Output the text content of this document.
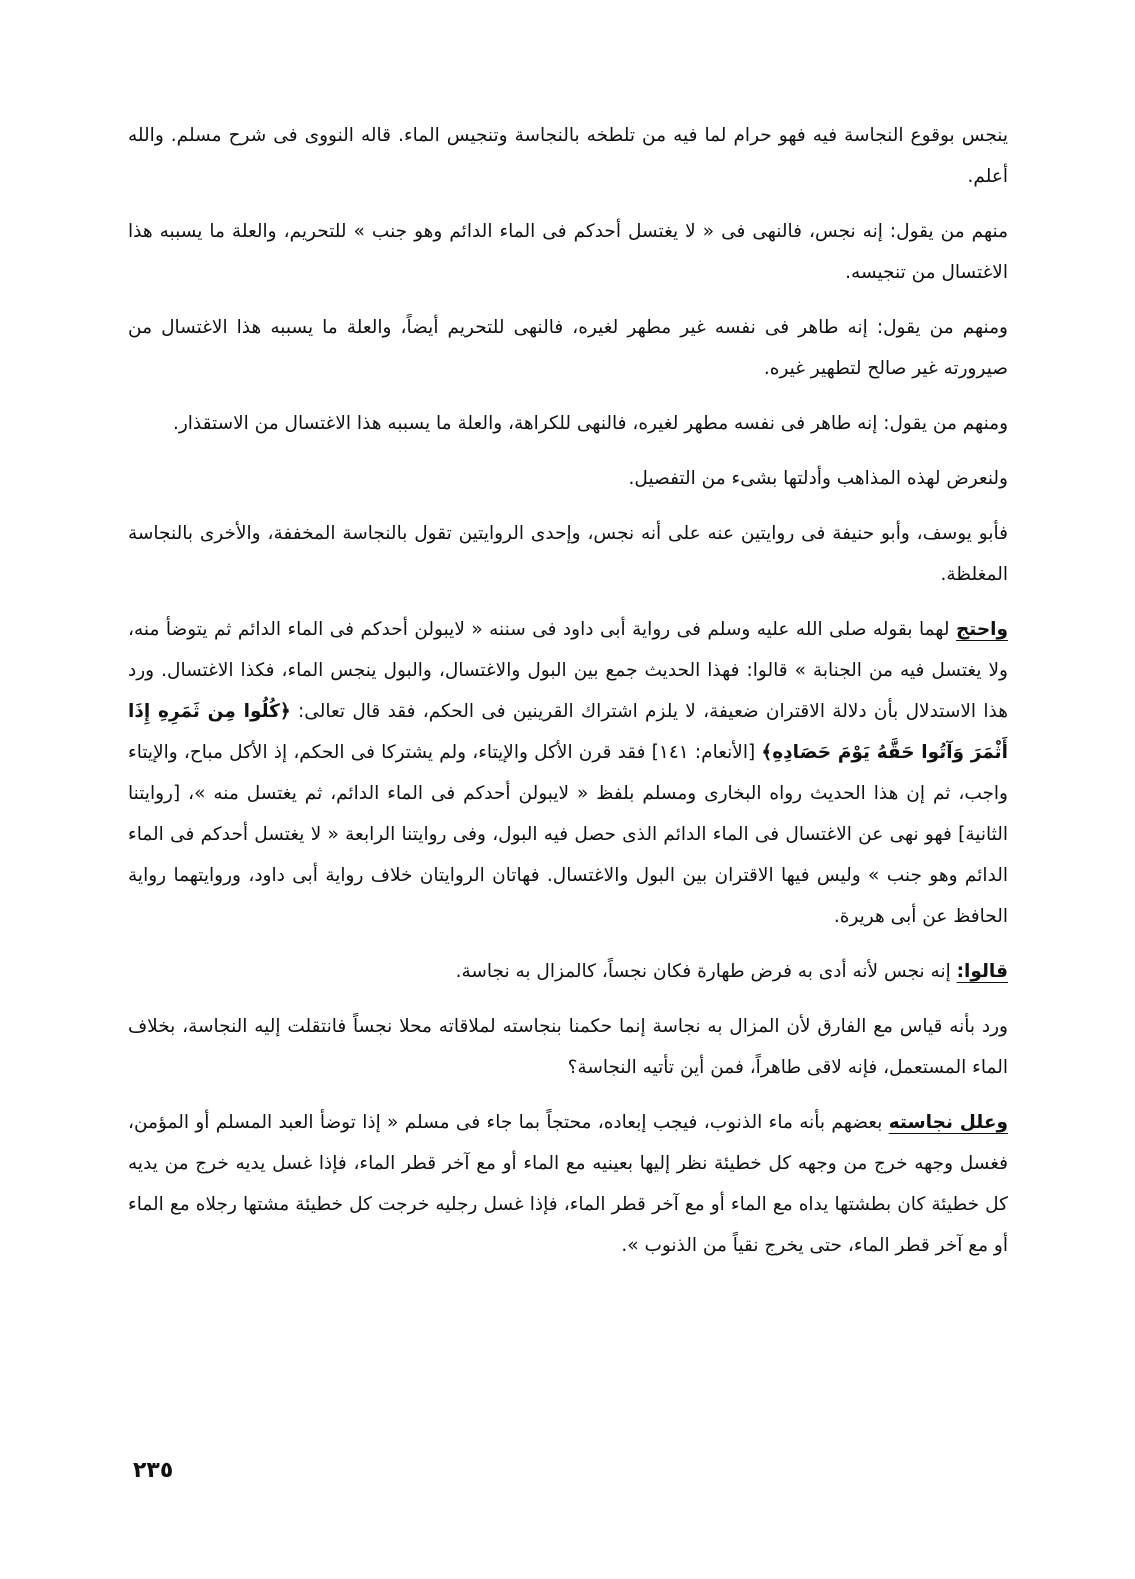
ينجس بوقوع النجاسة فيه فهو حرام لما فيه من تلطخه بالنجاسة وتنجيس الماء. قاله النووى فى شرح مسلم. والله أعلم.

منهم من يقول: إنه نجس، فالنهى فى « لا يغتسل أحدكم فى الماء الدائم وهو جنب » للتحريم، والعلة ما يسببه هذا الاغتسال من تنجيسه.

ومنهم من يقول: إنه طاهر فى نفسه غير مطهر لغيره، فالنهى للتحريم أيضاً، والعلة ما يسببه هذا الاغتسال من صيرورته غير صالح لتطهير غيره.

ومنهم من يقول: إنه طاهر فى نفسه مطهر لغيره، فالنهى للكراهة، والعلة ما يسببه هذا الاغتسال من الاستقذار.

ولنعرض لهذه المذاهب وأدلتها بشىء من التفصيل.

فأبو يوسف، وأبو حنيفة فى روايتين عنه على أنه نجس، وإحدى الروايتين تقول بالنجاسة المخففة، والأخرى بالنجاسة المغلظة.

واحتج لهما بقوله صلى الله عليه وسلم فى رواية أبى داود فى سننه « لايبولن أحدكم فى الماء الدائم ثم يتوضأ منه، ولا يغتسل فيه من الجنابة » قالوا: فهذا الحديث جمع بين البول والاغتسال، والبول ينجس الماء، فكذا الاغتسال. ورد هذا الاستدلال بأن دلالة الاقتران ضعيفة، لا يلزم اشتراك القرينين فى الحكم، فقد قال تعالى: ﴿كُلُوا مِن ثَمَرِهِ إِذَا أَثْمَرَ وَآتُوا حَقَّهُ يَوْمَ حَصَادِهِ﴾ [الأنعام: ١٤١] فقد قرن الأكل والإيتاء، ولم يشتركا فى الحكم، إذ الأكل مباح، والإيتاء واجب، ثم إن هذا الحديث رواه البخارى ومسلم بلفظ « لايبولن أحدكم فى الماء الدائم، ثم يغتسل منه »، [روايتنا الثانية] فهو نهى عن الاغتسال فى الماء الدائم الذى حصل فيه البول، وفى روايتنا الرابعة « لا يغتسل أحدكم فى الماء الدائم وهو جنب » وليس فيها الاقتران بين البول والاغتسال. فهاتان الروايتان خلاف رواية أبى داود، وروايتهما رواية الحافظ عن أبى هريرة.

قالوا: إنه نجس لأنه أدى به فرض طهارة فكان نجساً، كالمزال به نجاسة.

ورد بأنه قياس مع الفارق لأن المزال به نجاسة إنما حكمنا بنجاسته لملاقاته محلا نجساً فانتقلت إليه النجاسة، بخلاف الماء المستعمل، فإنه لاقى طاهراً، فمن أين تأتيه النجاسة؟

وعلل نجاسته بعضهم بأنه ماء الذنوب، فيجب إبعاده، محتجاً بما جاء فى مسلم « إذا توضأ العبد المسلم أو المؤمن، فغسل وجهه خرج من وجهه كل خطيئة نظر إليها بعينيه مع الماء أو مع آخر قطر الماء، فإذا غسل يديه خرج من يديه كل خطيئة كان بطشتها يداه مع الماء أو مع آخر قطر الماء، فإذا غسل رجليه خرجت كل خطيئة مشتها رجلاه مع الماء أو مع آخر قطر الماء، حتى يخرج نقياً من الذنوب ».

٢٣٥
